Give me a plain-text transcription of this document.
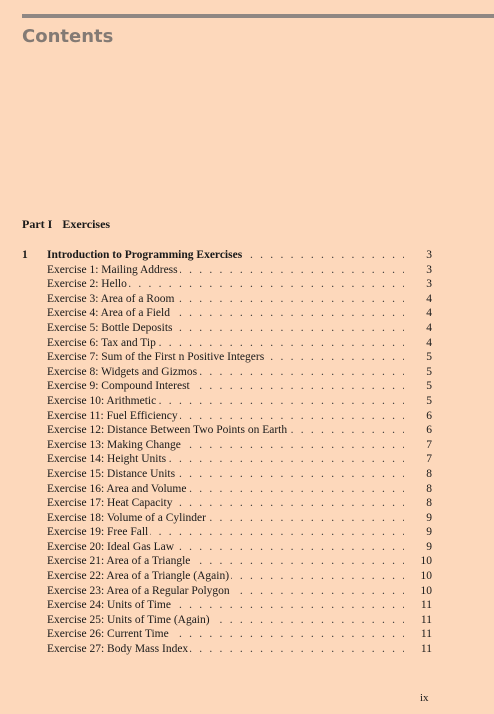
Contents
Part I Exercises
1 . . . Introduction to Programming Exercises	3
. . .
Exercise 1: Mailing Address	3
. . .
Exercise 2: Hello	3
. . .
Exercise 3: Area of a Room	4
. . .
Exercise 4: Area of a Field	4
. . .
Exercise 5: Bottle Deposits	4
. . .
Exercise 6: Tax and Tip	4
. . .
Exercise 7: Sum of the First n Positive Integers	5
. . .
Exercise 8: Widgets and Gizmos	5
. . .
Exercise 9: Compound Interest	5
. . .
Exercise 10: Arithmetic	5
. . .
Exercise 11: Fuel Efficiency	6
. . .
Exercise 12: Distance Between Two Points on Earth	6
. . .
Exercise 13: Making Change	7
. . .
Exercise 14: Height Units	7
. . .
Exercise 15: Distance Units	8
. . .
Exercise 16: Area and Volume	8
. . .
Exercise 17: Heat Capacity	8
. . .
Exercise 18: Volume of a Cylinder	9
. . .
Exercise 19: Free Fall	9
. . .
Exercise 20: Ideal Gas Law	9
. . .
Exercise 21: Area of a Triangle	10
. . .
Exercise 22: Area of a Triangle (Again)	10
. . .
Exercise 23: Area of a Regular Polygon	10
. . .
Exercise 24: Units of Time	11
. . .
Exercise 25: Units of Time (Again)	11
. . .
Exercise 26: Current Time	11
. . .
Exercise 27: Body Mass Index	11
ix
